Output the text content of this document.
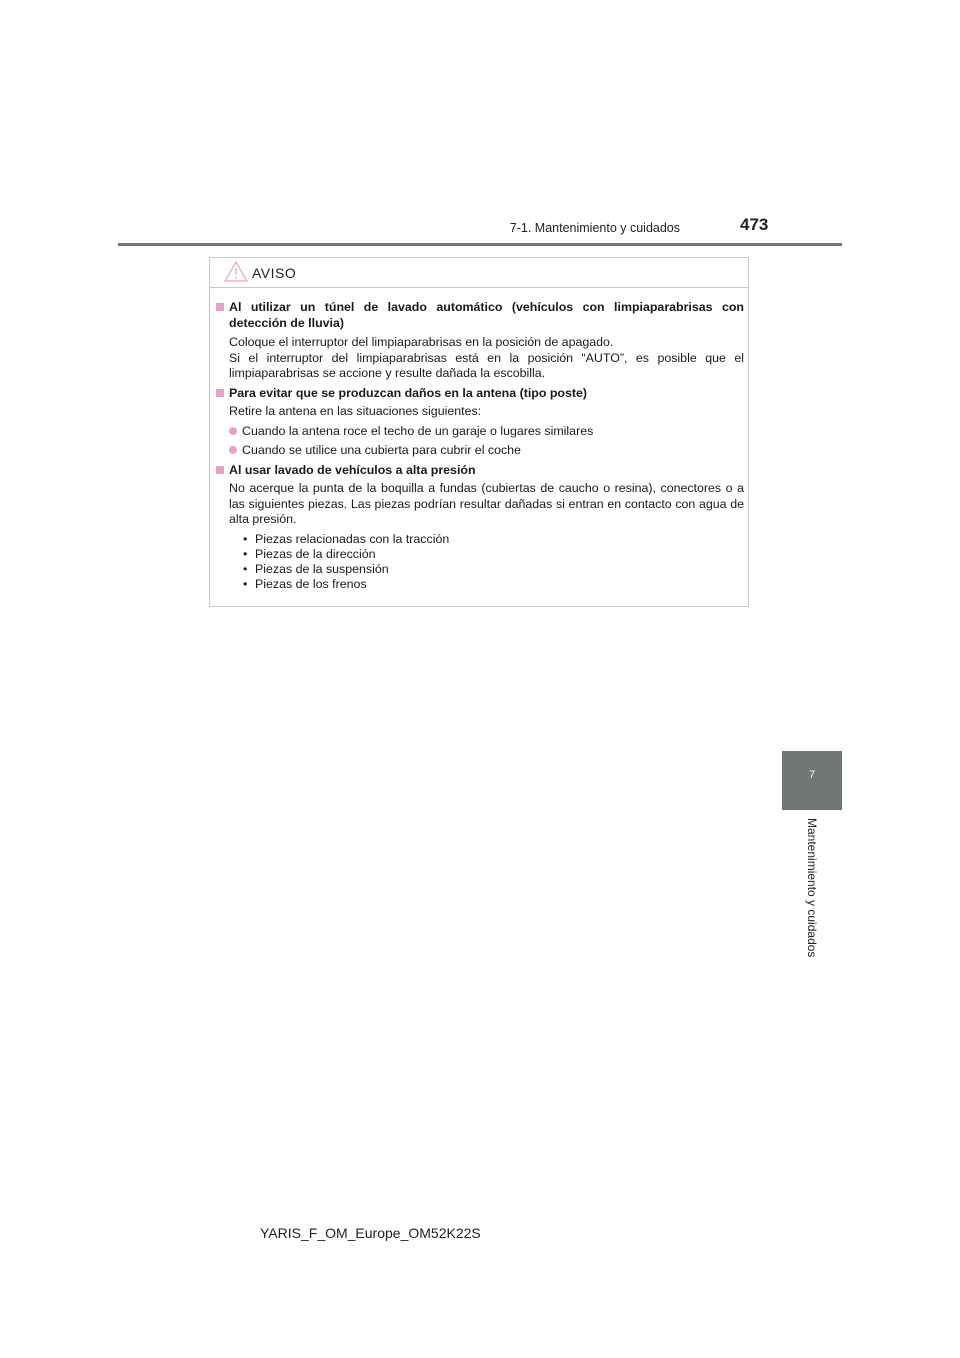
7-1. Mantenimiento y cuidados	473
AVISO
Al utilizar un túnel de lavado automático (vehículos con limpiaparabrisas con detección de lluvia)
Coloque el interruptor del limpiaparabrisas en la posición de apagado.
Si el interruptor del limpiaparabrisas está en la posición “AUTO”, es posible que el limpiaparabrisas se accione y resulte dañada la escobilla.
Para evitar que se produzcan daños en la antena (tipo poste)
Retire la antena en las situaciones siguientes:
Cuando la antena roce el techo de un garaje o lugares similares
Cuando se utilice una cubierta para cubrir el coche
Al usar lavado de vehículos a alta presión
No acerque la punta de la boquilla a fundas (cubiertas de caucho o resina), conectores o a las siguientes piezas. Las piezas podrían resultar dañadas si entran en contacto con agua de alta presión.
• Piezas relacionadas con la tracción
• Piezas de la dirección
• Piezas de la suspensión
• Piezas de los frenos
7
Mantenimiento y cuidados
YARIS_F_OM_Europe_OM52K22S
